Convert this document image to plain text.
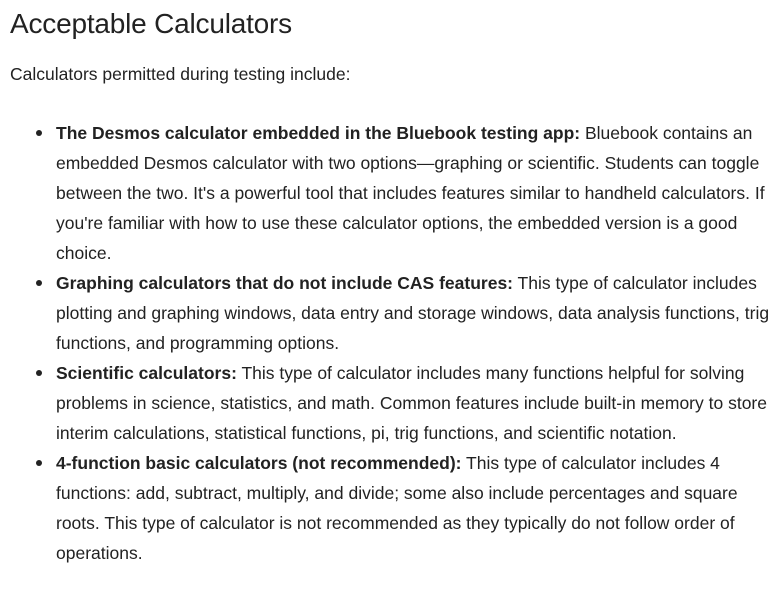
Acceptable Calculators

Calculators permitted during testing include:

The Desmos calculator embedded in the Bluebook testing app: Bluebook contains an embedded Desmos calculator with two options—graphing or scientific. Students can toggle between the two. It's a powerful tool that includes features similar to handheld calculators. If you're familiar with how to use these calculator options, the embedded version is a good choice.
Graphing calculators that do not include CAS features: This type of calculator includes plotting and graphing windows, data entry and storage windows, data analysis functions, trig functions, and programming options.
Scientific calculators: This type of calculator includes many functions helpful for solving problems in science, statistics, and math. Common features include built-in memory to store interim calculations, statistical functions, pi, trig functions, and scientific notation.
4-function basic calculators (not recommended): This type of calculator includes 4 functions: add, subtract, multiply, and divide; some also include percentages and square roots. This type of calculator is not recommended as they typically do not follow order of operations.
